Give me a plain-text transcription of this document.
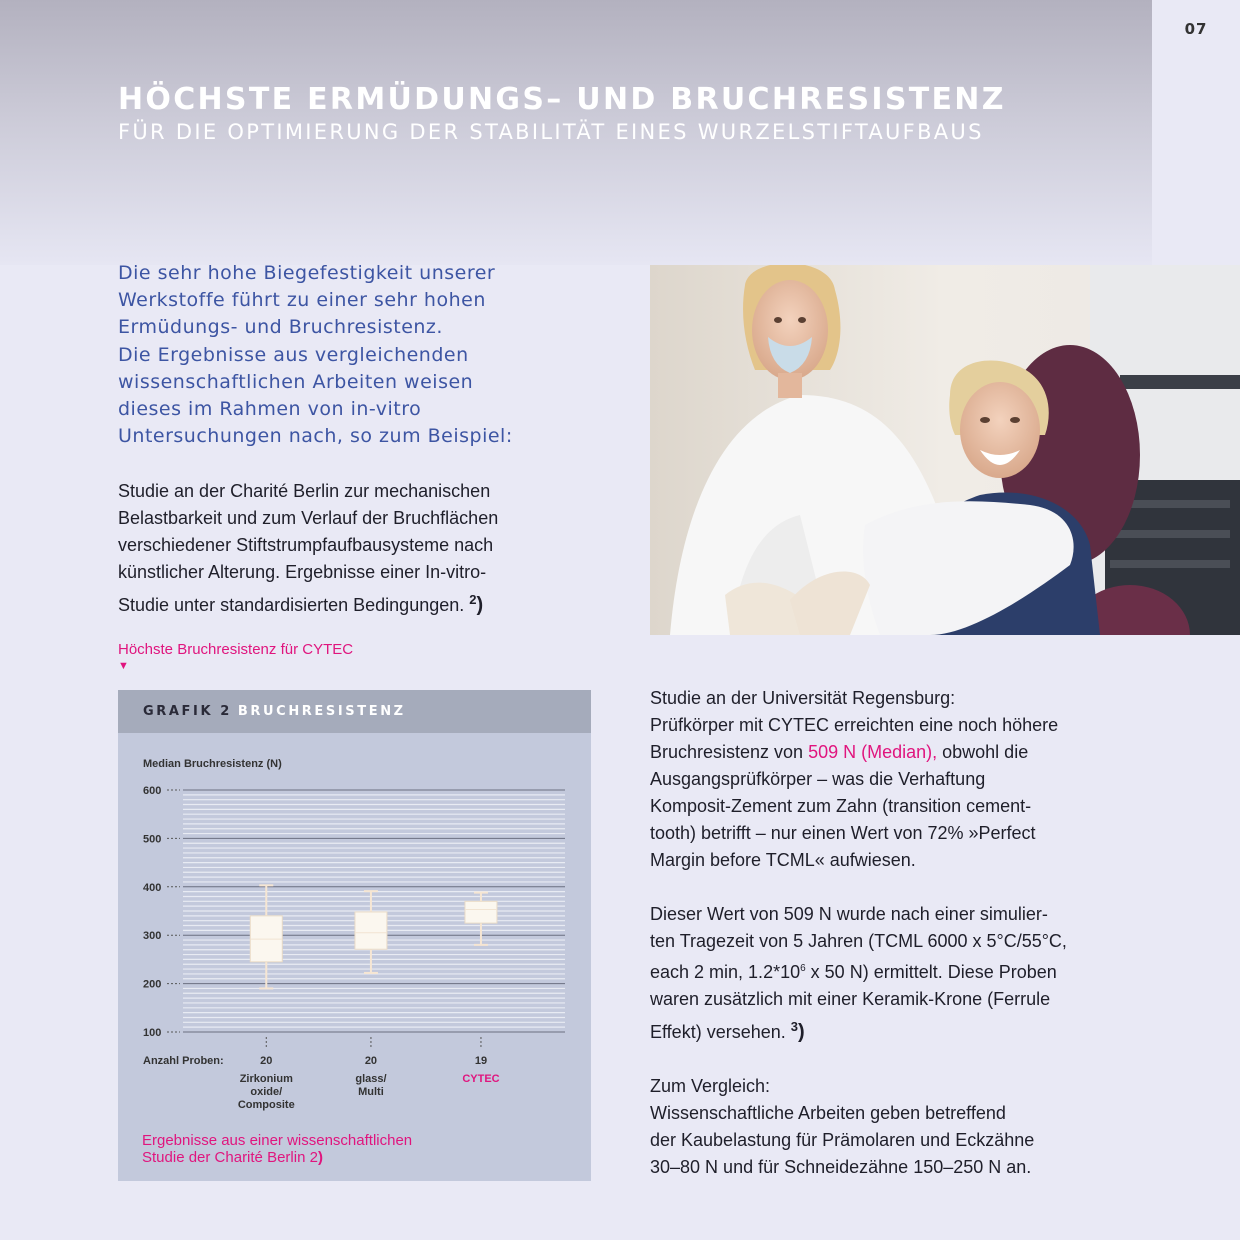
07
HÖCHSTE ERMÜDUNGS– UND BRUCHRESISTENZ
FÜR DIE OPTIMIERUNG DER STABILITÄT EINES WURZELSTIFTAUFBAUS
Die sehr hohe Biegefestigkeit unserer
Werkstoffe führt zu einer sehr hohen
Ermüdungs- und Bruchresistenz.
Die Ergebnisse aus vergleichenden
wissenschaftlichen Arbeiten weisen
dieses im Rahmen von in-vitro
Untersuchungen nach, so zum Beispiel:
Studie an der Charité Berlin zur mechanischen
Belastbarkeit und zum Verlauf der Bruchflächen
verschiedener Stiftstrumpfaufbausysteme nach
künstlicher Alterung. Ergebnisse einer In-vitro-
Studie unter standardisierten Bedingungen. $^2$)
Höchste Bruchresistenz für CYTEC
▼
GRAFIK 2 BRUCHRESISTENZ
Median Bruchresistenz (N)
100
200
300
400
500
600
Anzahl Proben:	20
Zirkonium
oxide/
Composite
20
glass/
Multi
19
CYTEC
Ergebnisse aus einer wissenschaftlichen
Studie der Charité Berlin 2)
Studie an der Universität Regensburg:
Prüfkörper mit CYTEC erreichten eine noch höhere
Bruchresistenz von 509 N (Median), obwohl die
Ausgangsprüfkörper – was die Verhaftung
Komposit-Zement zum Zahn (transition cement-
tooth) betrifft – nur einen Wert von 72% »Perfect
Margin before TCML« aufwiesen.
Dieser Wert von 509 N wurde nach einer simulier-
ten Tragezeit von 5 Jahren (TCML 6000 x 5°C/55°C,
each 2 min, $1.2*10^6$ x 50 N) ermittelt. Diese Proben
waren zusätzlich mit einer Keramik-Krone (Ferrule
Effekt) versehen. $^3$)
Zum Vergleich:
Wissenschaftliche Arbeiten geben betreffend
der Kaubelastung für Prämolaren und Eckzähne
30–80 N und für Schneidezähne 150–250 N an.
